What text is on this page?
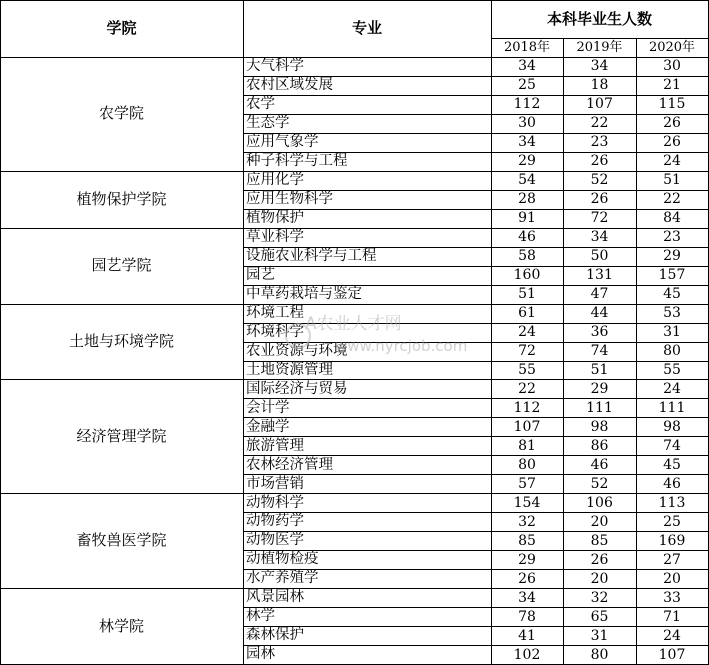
学院	专业
本科毕业生人数
2018年	2019年	2020年
农学院
大气科学	34	34	30
农村区域发展	25	18	21
农学	112	107	115
生态学	30	22	26
应用气象学	34	23	26
种子科学与工程	29	26	24
植物保护学院
应用化学	54	52	51
应用生物科学	28	26	22
植物保护	91	72	84
园艺学院
草业科学	46	34	23
设施农业科学与工程	58	50	29
园艺	160	131	157
中草药栽培与鉴定	51	47	45
土地与环境学院
环境工程	61	44	53
环境科学	24	36	31
农业资源与环境	72	74	80
土地资源管理	55	51	55
经济管理学院
国际经济与贸易	22	29	24
会计学	112	111	111
金融学	107	98	98
旅游管理	81	86	74
农林经济管理	80	46	45
市场营销	57	52	46
畜牧兽医学院
动物科学	154	106	113
动物药学	32	20	25
动物医学	85	85	169
动植物检疫	29	26	27
水产养殖学	26	20	20
林学院
风景园林	34	32	33
林学	78	65	71
森林保护	41	31	24
园林	102	80	107
A农业人才网
www.nyrcjob.com
